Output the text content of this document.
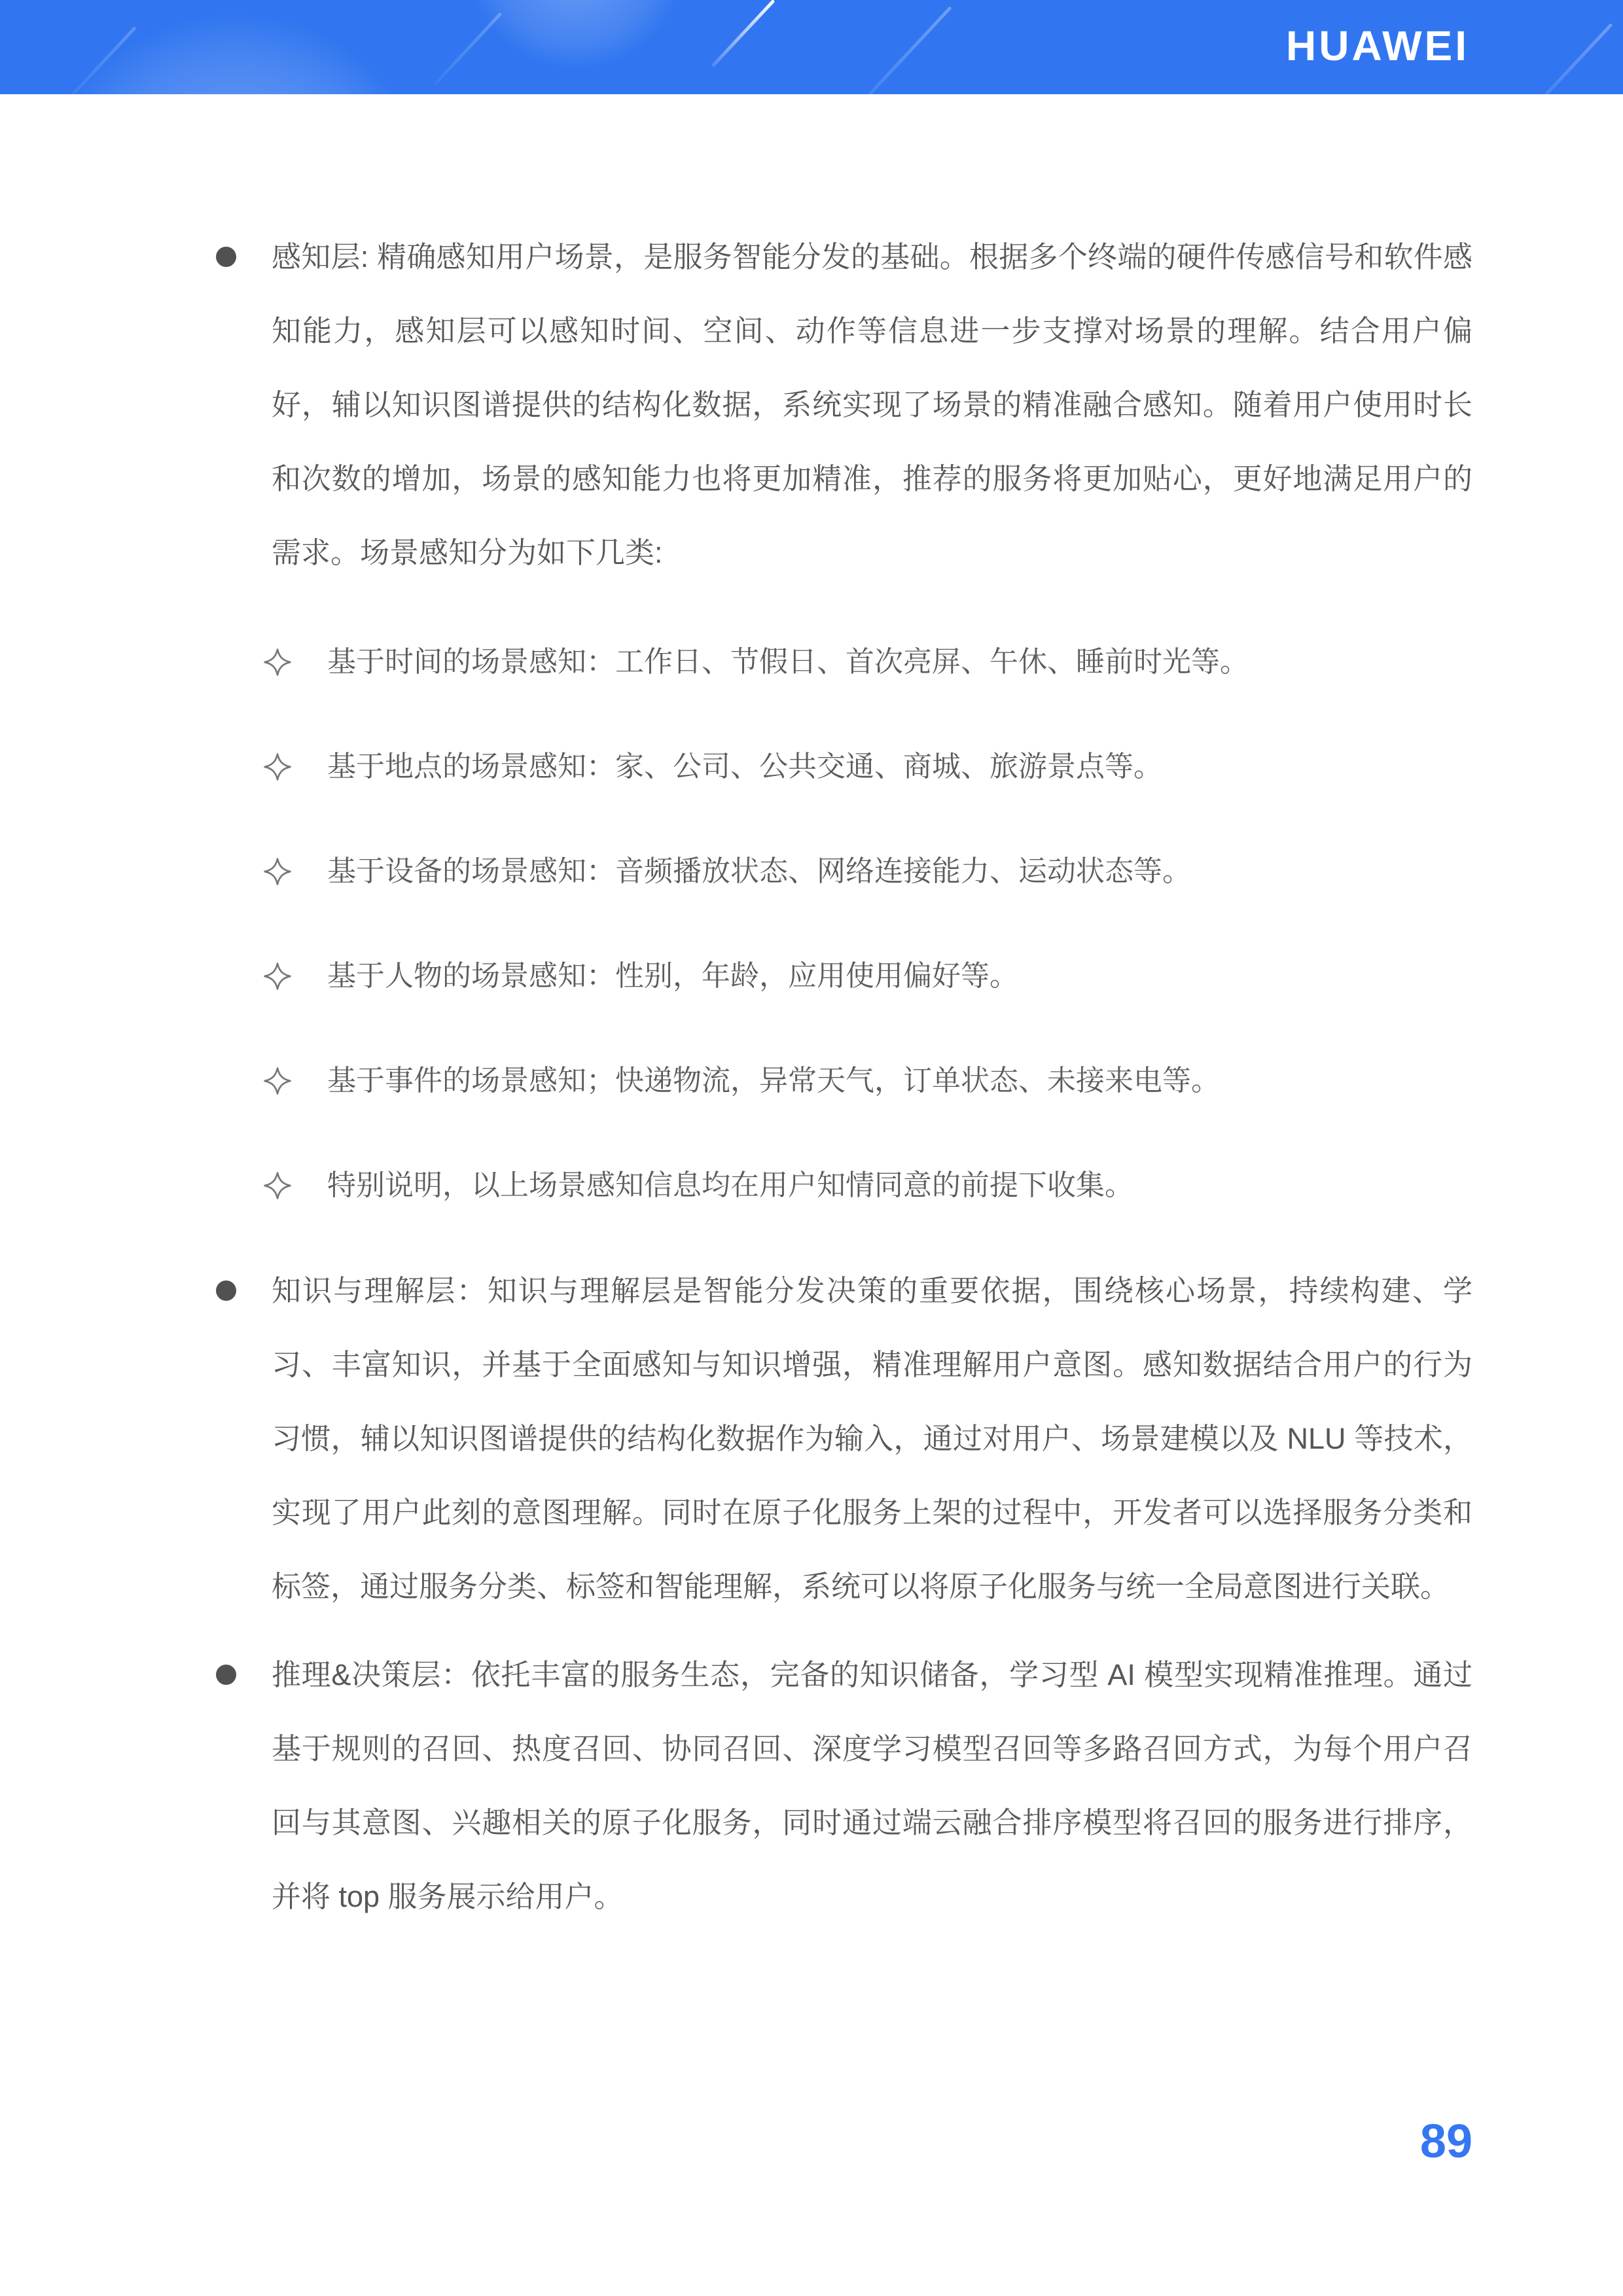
HUAWEI

感知层: 精确感知用户场景，是服务智能分发的基础。根据多个终端的硬件传感信号和软件感知能力，感知层可以感知时间、空间、动作等信息进一步支撑对场景的理解。结合用户偏好，辅以知识图谱提供的结构化数据，系统实现了场景的精准融合感知。随着用户使用时长和次数的增加，场景的感知能力也将更加精准，推荐的服务将更加贴心，更好地满足用户的需求。场景感知分为如下几类:

基于时间的场景感知：工作日、节假日、首次亮屏、午休、睡前时光等。
基于地点的场景感知：家、公司、公共交通、商城、旅游景点等。
基于设备的场景感知：音频播放状态、网络连接能力、运动状态等。
基于人物的场景感知：性别，年龄，应用使用偏好等。
基于事件的场景感知；快递物流，异常天气，订单状态、未接来电等。
特别说明，以上场景感知信息均在用户知情同意的前提下收集。

知识与理解层：知识与理解层是智能分发决策的重要依据，围绕核心场景，持续构建、学习、丰富知识，并基于全面感知与知识增强，精准理解用户意图。感知数据结合用户的行为习惯，辅以知识图谱提供的结构化数据作为输入，通过对用户、场景建模以及 NLU 等技术，实现了用户此刻的意图理解。同时在原子化服务上架的过程中，开发者可以选择服务分类和标签，通过服务分类、标签和智能理解，系统可以将原子化服务与统一全局意图进行关联。

推理&决策层：依托丰富的服务生态，完备的知识储备，学习型 AI 模型实现精准推理。通过基于规则的召回、热度召回、协同召回、深度学习模型召回等多路召回方式，为每个用户召回与其意图、兴趣相关的原子化服务，同时通过端云融合排序模型将召回的服务进行排序，并将 top 服务展示给用户。

89
